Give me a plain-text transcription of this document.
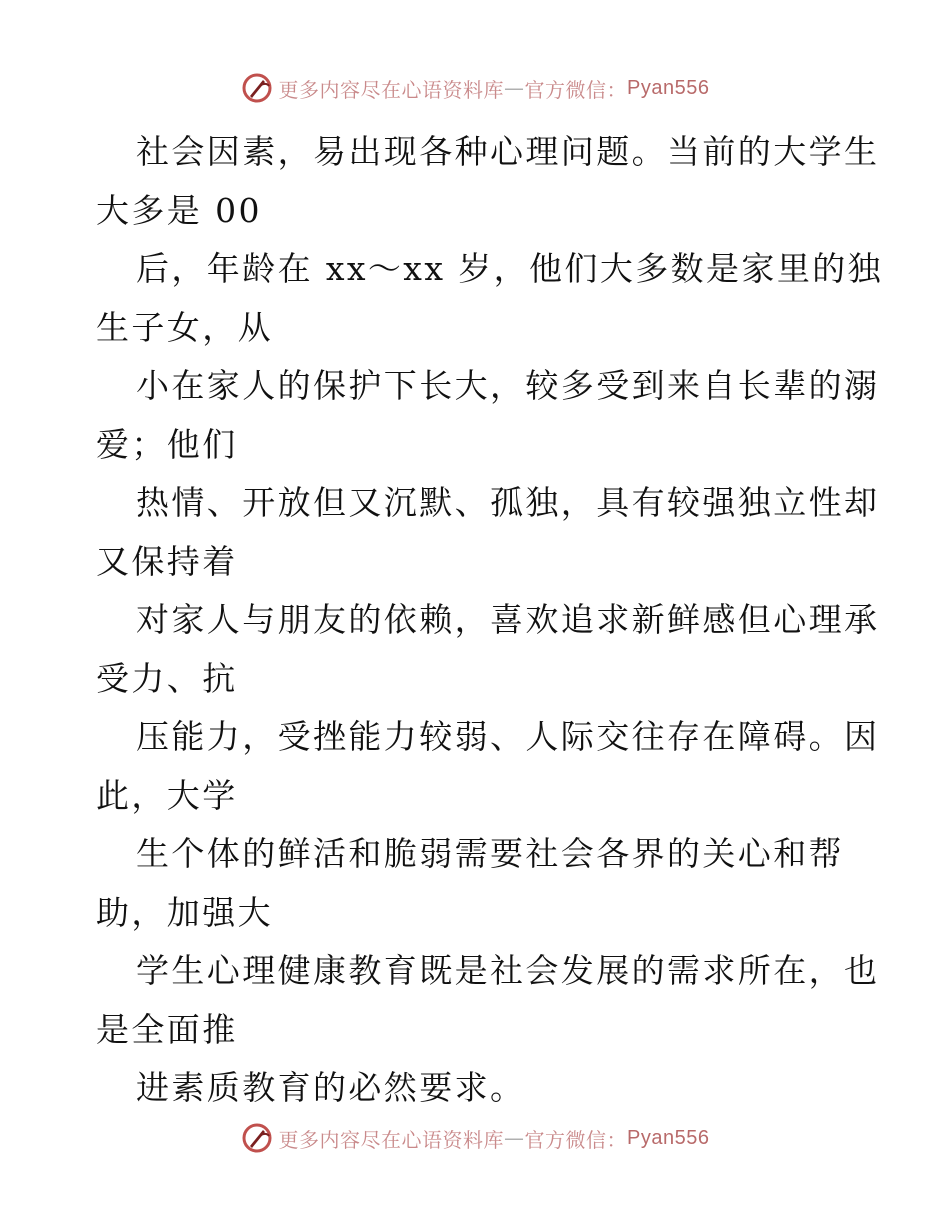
更多内容尽在心语资料库 — 官方微信： Pyan556
社会因素，易出现各种心理问题。当前的大学生
大多是 00
后，年龄在 xx～xx 岁，他们大多数是家里的独
生子女，从
小在家人的保护下长大，较多受到来自长辈的溺
爱；他们
热情、开放但又沉默、孤独，具有较强独立性却
又保持着
对家人与朋友的依赖，喜欢追求新鲜感但心理承
受力、抗
压能力，受挫能力较弱、人际交往存在障碍。因
此，大学
生个体的鲜活和脆弱需要社会各界的关心和帮
助，加强大
学生心理健康教育既是社会发展的需求所在，也
是全面推
进素质教育的必然要求。
更多内容尽在心语资料库 — 官方微信： Pyan556
